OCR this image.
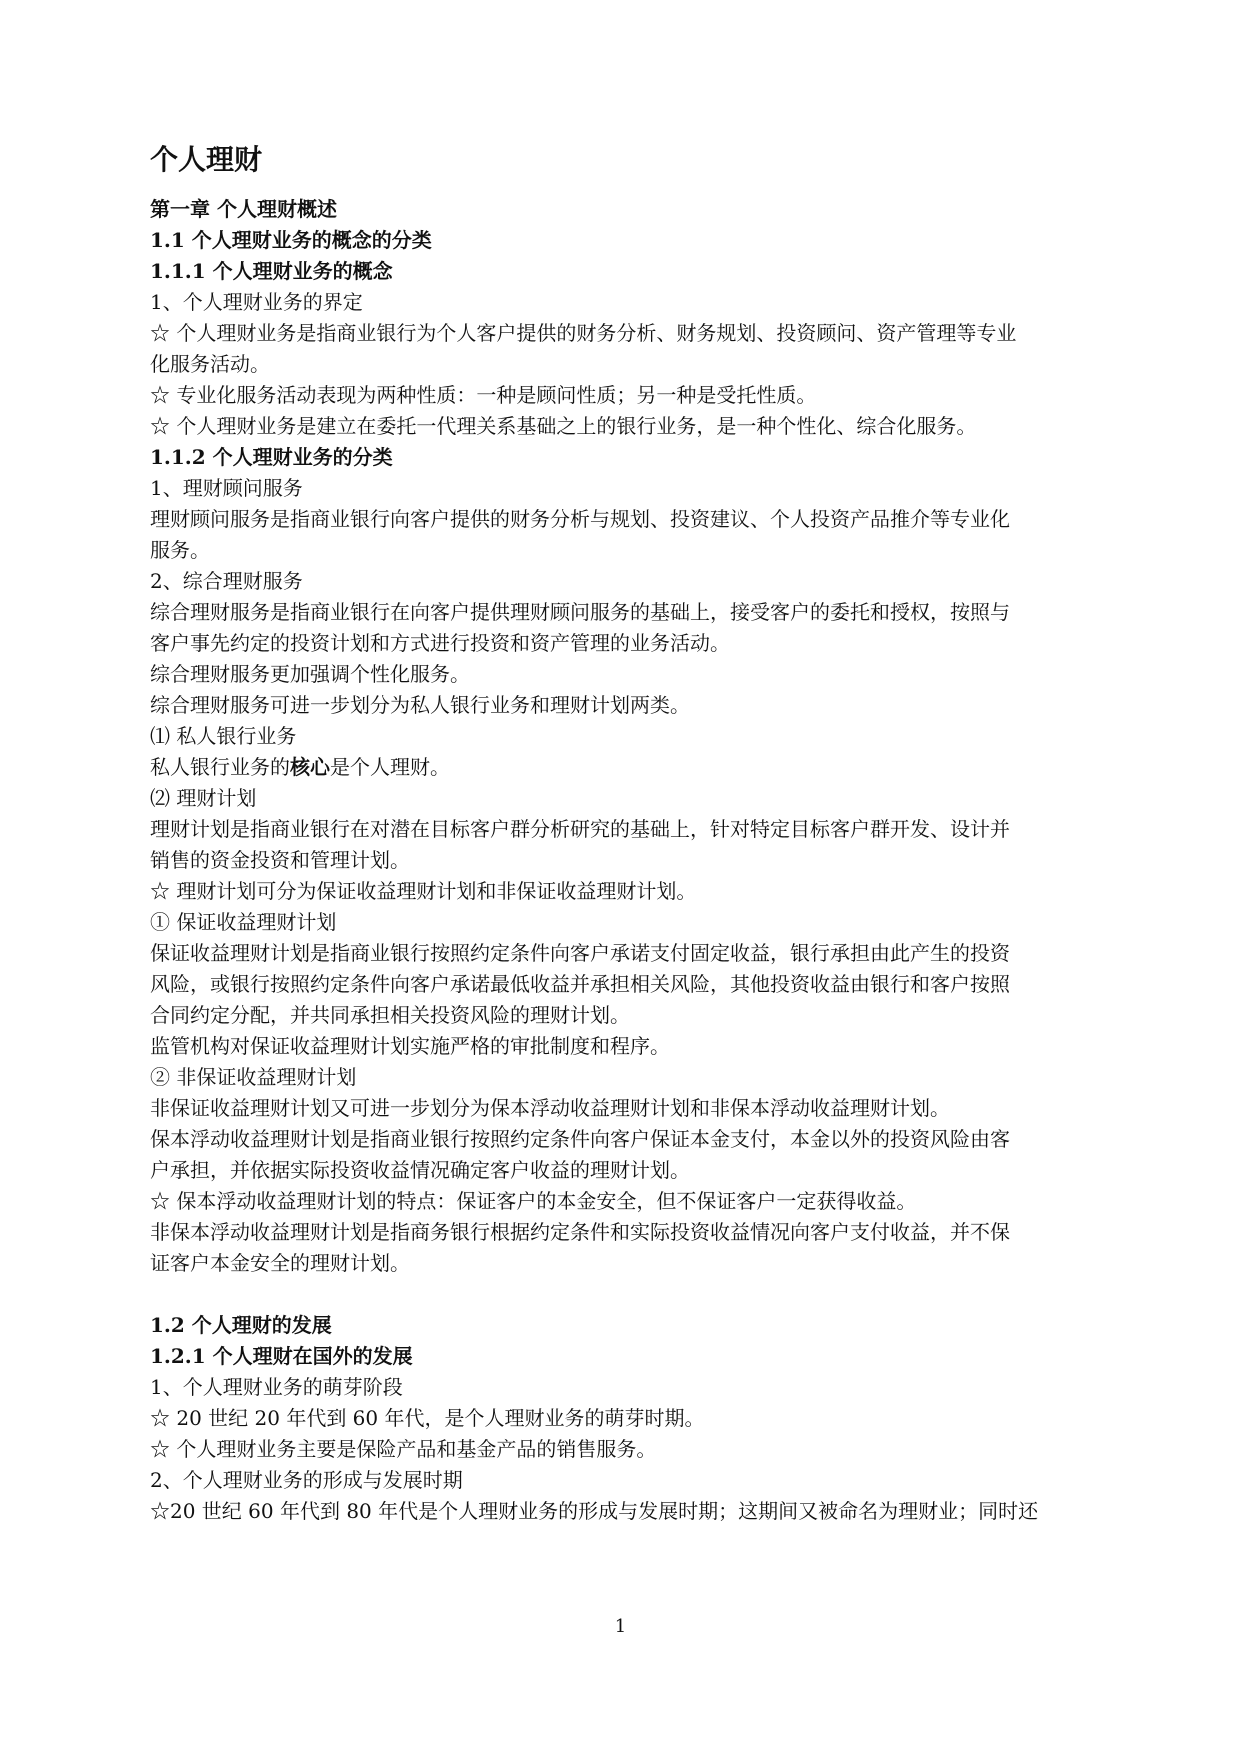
个人理财
第一章 个人理财概述
1.1 个人理财业务的概念的分类
1.1.1 个人理财业务的概念
1、个人理财业务的界定
☆ 个人理财业务是指商业银行为个人客户提供的财务分析、财务规划、投资顾问、资产管理等专业
化服务活动。
☆ 专业化服务活动表现为两种性质：一种是顾问性质；另一种是受托性质。
☆ 个人理财业务是建立在委托一代理关系基础之上的银行业务，是一种个性化、综合化服务。
1.1.2 个人理财业务的分类
1、理财顾问服务
理财顾问服务是指商业银行向客户提供的财务分析与规划、投资建议、个人投资产品推介等专业化
服务。
2、综合理财服务
综合理财服务是指商业银行在向客户提供理财顾问服务的基础上，接受客户的委托和授权，按照与
客户事先约定的投资计划和方式进行投资和资产管理的业务活动。
综合理财服务更加强调个性化服务。
综合理财服务可进一步划分为私人银行业务和理财计划两类。
⑴ 私人银行业务
私人银行业务的核心是个人理财。
⑵ 理财计划
理财计划是指商业银行在对潜在目标客户群分析研究的基础上，针对特定目标客户群开发、设计并
销售的资金投资和管理计划。
☆ 理财计划可分为保证收益理财计划和非保证收益理财计划。
① 保证收益理财计划
保证收益理财计划是指商业银行按照约定条件向客户承诺支付固定收益，银行承担由此产生的投资
风险，或银行按照约定条件向客户承诺最低收益并承担相关风险，其他投资收益由银行和客户按照
合同约定分配，并共同承担相关投资风险的理财计划。
监管机构对保证收益理财计划实施严格的审批制度和程序。
② 非保证收益理财计划
非保证收益理财计划又可进一步划分为保本浮动收益理财计划和非保本浮动收益理财计划。
保本浮动收益理财计划是指商业银行按照约定条件向客户保证本金支付，本金以外的投资风险由客
户承担，并依据实际投资收益情况确定客户收益的理财计划。
☆ 保本浮动收益理财计划的特点：保证客户的本金安全，但不保证客户一定获得收益。
非保本浮动收益理财计划是指商务银行根据约定条件和实际投资收益情况向客户支付收益，并不保
证客户本金安全的理财计划。
1.2 个人理财的发展
1.2.1 个人理财在国外的发展
1、个人理财业务的萌芽阶段
☆ 20 世纪 20 年代到 60 年代，是个人理财业务的萌芽时期。
☆ 个人理财业务主要是保险产品和基金产品的销售服务。
2、个人理财业务的形成与发展时期
☆20 世纪 60 年代到 80 年代是个人理财业务的形成与发展时期；这期间又被命名为理财业；同时还
1
